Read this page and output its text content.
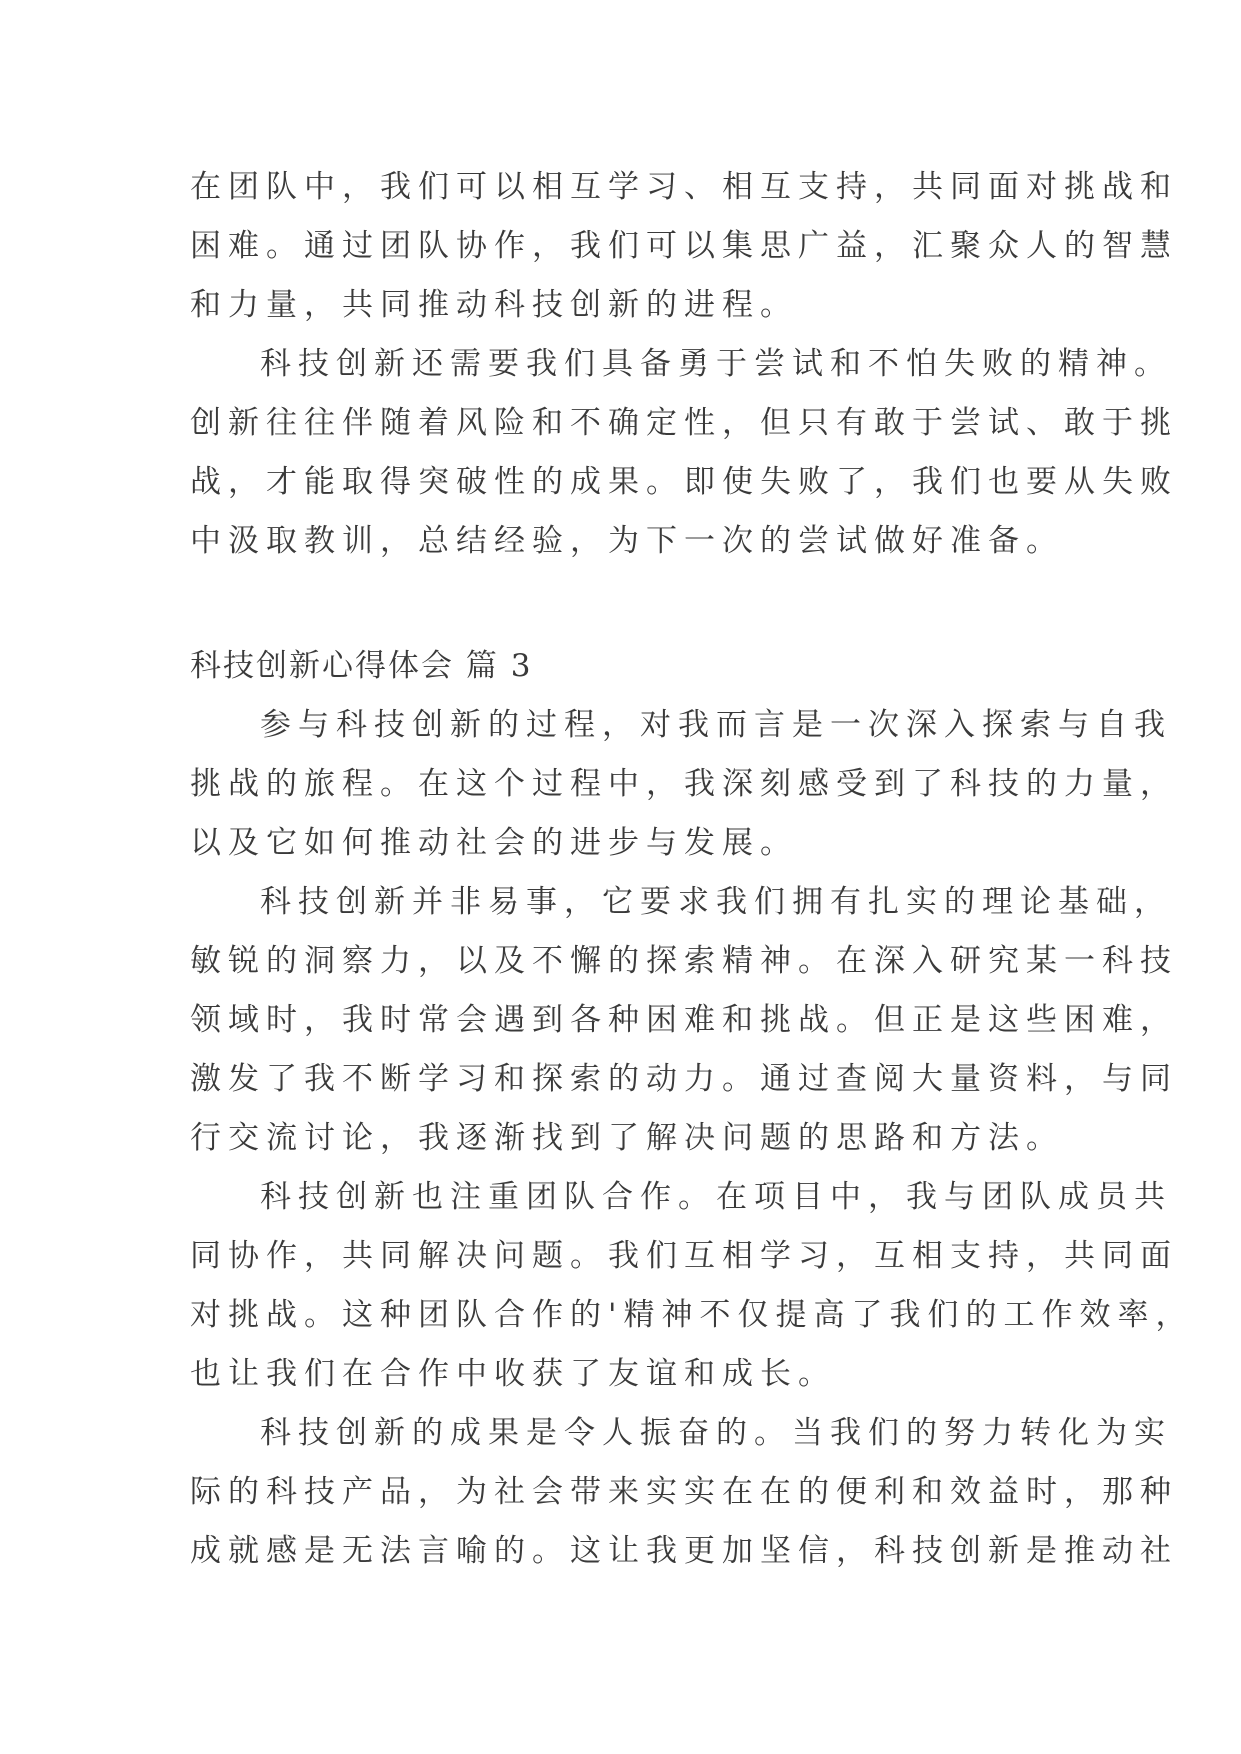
在团队中，我们可以相互学习、相互支持，共同面对挑战和
困难。通过团队协作，我们可以集思广益，汇聚众人的智慧
和力量，共同推动科技创新的进程。
科技创新还需要我们具备勇于尝试和不怕失败的精神。
创新往往伴随着风险和不确定性，但只有敢于尝试、敢于挑
战，才能取得突破性的成果。即使失败了，我们也要从失败
中汲取教训，总结经验，为下一次的尝试做好准备。
科技创新心得体会 篇 3
参与科技创新的过程，对我而言是一次深入探索与自我
挑战的旅程。在这个过程中，我深刻感受到了科技的力量，
以及它如何推动社会的进步与发展。
科技创新并非易事，它要求我们拥有扎实的理论基础，
敏锐的洞察力，以及不懈的探索精神。在深入研究某一科技
领域时，我时常会遇到各种困难和挑战。但正是这些困难，
激发了我不断学习和探索的动力。通过查阅大量资料，与同
行交流讨论，我逐渐找到了解决问题的思路和方法。
科技创新也注重团队合作。在项目中，我与团队成员共
同协作，共同解决问题。我们互相学习，互相支持，共同面
对挑战。这种团队合作的'精神不仅提高了我们的工作效率，
也让我们在合作中收获了友谊和成长。
科技创新的成果是令人振奋的。当我们的努力转化为实
际的科技产品，为社会带来实实在在的便利和效益时，那种
成就感是无法言喻的。这让我更加坚信，科技创新是推动社
